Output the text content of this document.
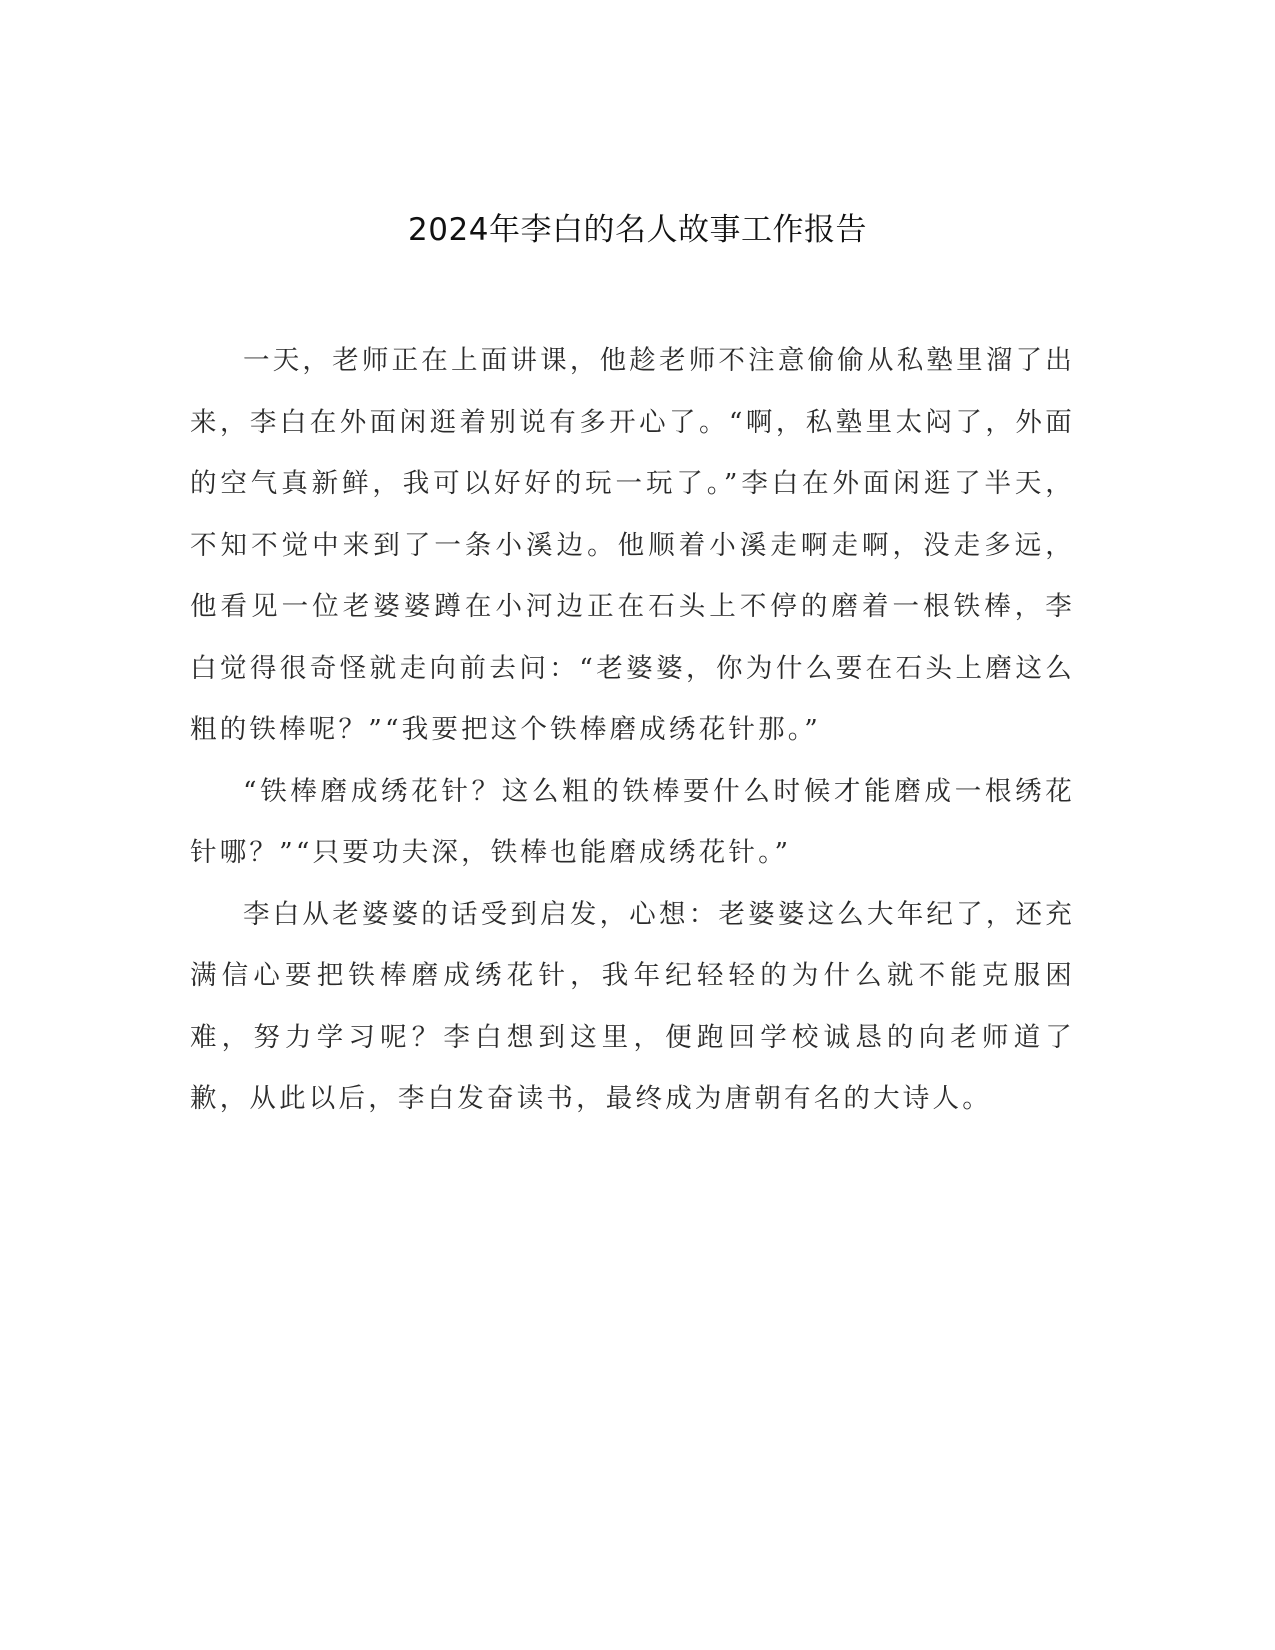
2024年李白的名人故事工作报告

一天，老师正在上面讲课，他趁老师不注意偷偷从私塾里溜了出来，李白在外面闲逛着别说有多开心了。“啊，私塾里太闷了，外面的空气真新鲜，我可以好好的玩一玩了。”李白在外面闲逛了半天，不知不觉中来到了一条小溪边。他顺着小溪走啊走啊，没走多远，他看见一位老婆婆蹲在小河边正在石头上不停的磨着一根铁棒，李白觉得很奇怪就走向前去问：“老婆婆，你为什么要在石头上磨这么粗的铁棒呢？”“我要把这个铁棒磨成绣花针那。”

“铁棒磨成绣花针？这么粗的铁棒要什么时候才能磨成一根绣花针哪？”“只要功夫深，铁棒也能磨成绣花针。”

李白从老婆婆的话受到启发，心想：老婆婆这么大年纪了，还充满信心要把铁棒磨成绣花针，我年纪轻轻的为什么就不能克服困难，努力学习呢？李白想到这里，便跑回学校诚恳的向老师道了歉，从此以后，李白发奋读书，最终成为唐朝有名的大诗人。
